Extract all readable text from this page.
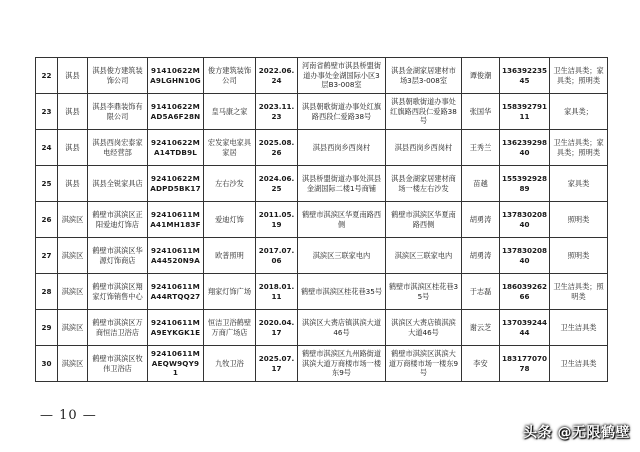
22	淇县	淇县俊方建筑装饰公司	91410622MA9LGHN10G	俊方建筑装饰公司	2022.06.24	河南省鹤壁市淇县桥盟街道办事处金湖国际小区3层B3-008室	淇县金湖家居建材市场3层3-008室	谭俊潮	13639223545	卫生洁具类；家具类；照明类
23	淇县	淇县李鼎装饰有限公司	91410622MAD5A6F28N	皇马康之家	2023.11.23	淇县朝歌街道办事处红旗路西段仁爱路38号	淇县朝歌街道办事处红旗路西段仁爱路38号	张国华	15839279111	家具类；
24	淇县	淇县西岗宏泰家电经营部	92410622MA14TDB9L	宏发家电家具家居	2025.08.26	淇县西岗乡西岗村	淇县西岗乡西岗村	王秀兰	13623929840	卫生洁具类；家具类；照明类
25	淇县	淇县全锐家具店	92410622MADPD5BK17	左右沙发	2024.06.25	淇县桥盟街道办事处淇县金湖国际二楼1号商铺	淇县金湖家居建材商场一楼左右沙发	苗越	15539292889	家具类
26	淇滨区	鹤壁市淇滨区正阳爱迪灯饰店	92410611MA41MH183F	爱迪灯饰	2011.05.19	鹤壁市淇滨区华夏南路西侧	鹤壁市淇滨区华夏南路西侧	胡勇涛	13783020840	照明类
27	淇滨区	鹤壁市淇滨区华源灯饰商店	92410611MA44520N9A	欧普照明	2017.07.06	淇滨区三联家电内	淇滨区三联家电内	胡勇涛	13783020840	照明类
28	淇滨区	鹤壁市淇滨区翔家灯饰销售中心	92410611MA44RTQQ27	翔家灯饰广场	2018.01.11	鹤壁市淇滨区桂花巷35号	鹤壁市淇滨区桂花巷35号	于志磊	18603926266	卫生洁具类；照明类
29	淇滨区	鹤壁市淇滨区万商恒洁卫浴店	92410611MA9EYKGK1E	恒洁卫浴鹤壁万商广场店	2020.04.17	淇滨区大赉店镇淇滨大道46号	淇滨区大赉店镇淇滨大道46号	谢云芝	13703924444	卫生洁具类
30	淇滨区	鹤壁市淇滨区牧伟卫浴店	92410611MAEQW9QY91	九牧卫浴	2025.07.17	鹤壁市淇滨区九州路街道淇滨大道万商楼市场一楼东9号	鹤壁市淇滨区淇滨大道万商楼市场一楼东9号	李安	18317707078	卫生洁具类
— 10 —
头条 @无限鹤壁
